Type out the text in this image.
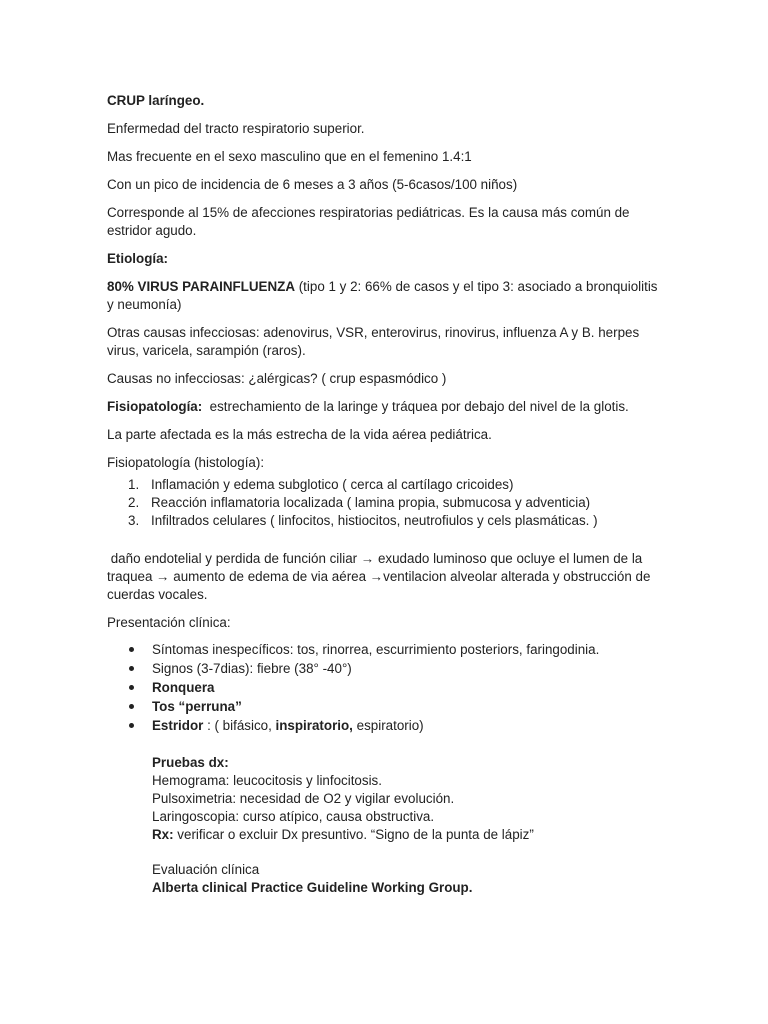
CRUP laríngeo.

Enfermedad del tracto respiratorio superior.

Mas frecuente en el sexo masculino que en el femenino 1.4:1

Con un pico de incidencia de 6 meses a 3 años (5-6casos/100 niños)

Corresponde al 15% de afecciones respiratorias pediátricas. Es la causa más común de estridor agudo.

Etiología:

80% VIRUS PARAINFLUENZA (tipo 1 y 2: 66% de casos y el tipo 3: asociado a bronquiolitis y neumonía)

Otras causas infecciosas: adenovirus, VSR, enterovirus, rinovirus, influenza A y B. herpes virus, varicela, sarampión (raros).

Causas no infecciosas: ¿alérgicas? ( crup espasmódico )

Fisiopatología:  estrechamiento de la laringe y tráquea por debajo del nivel de la glotis.

La parte afectada es la más estrecha de la vida aérea pediátrica.

Fisiopatología (histología):

1. Inflamación y edema subglotico ( cerca al cartílago cricoides)
2. Reacción inflamatoria localizada ( lamina propia, submucosa y adventicia)
3. Infiltrados celulares ( linfocitos, histiocitos, neutrofiulos y cels plasmáticas. )

daño endotelial y perdida de función ciliar → exudado luminoso que ocluye el lumen de la traquea → aumento de edema de via aérea →ventilacion alveolar alterada y obstrucción de cuerdas vocales.

Presentación clínica:

Síntomas inespecíficos: tos, rinorrea, escurrimiento posteriors, faringodinia.
Signos (3-7dias): fiebre (38° -40°)
Ronquera
Tos “perruna”
Estridor : ( bifásico, inspiratorio, espiratorio)

Pruebas dx:

Hemograma: leucocitosis y linfocitosis.

Pulsoximetria: necesidad de O2 y vigilar evolución.

Laringoscopia: curso atípico, causa obstructiva.

Rx: verificar o excluir Dx presuntivo. “Signo de la punta de lápiz”

Evaluación clínica

Alberta clinical Practice Guideline Working Group.
